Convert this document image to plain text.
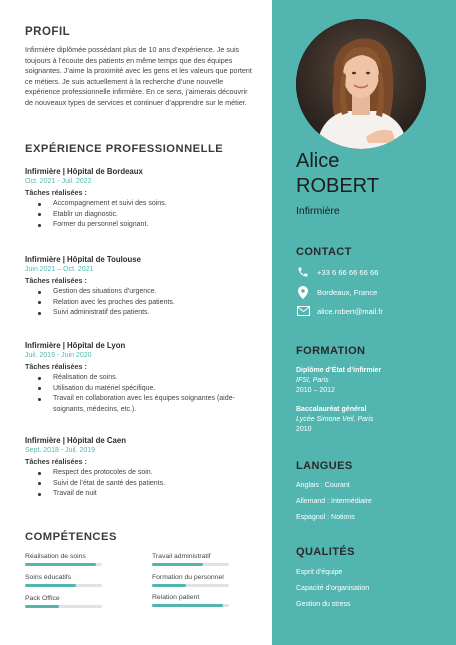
PROFIL
Infirmière diplômée possédant plus de 10 ans d’expérience. Je suis toujours à l’écoute des patients en même temps que des équipes soignantes. J’aime la proximité avec les gens et les valeurs que portent ce métiers. Je suis actuellement à la recherche d’une nouvelle expérience professionnelle infirmière. En ce sens, j’aimerais découvrir de nouveaux types de services et continuer d’apprendre sur le métier.
EXPÉRIENCE PROFESSIONNELLE
Infirmière | Hôpital de Bordeaux
Oct. 2021 - Juil. 2022
Tâches réalisées :
Accompagnement et suivi des soins.
Etablir un diagnostic.
Former du personnel soignant.
Infirmière | Hôpital de Toulouse
Juin 2021 – Oct. 2021
Tâches réalisées :
Gestion des situations d’urgence.
Relation avec les proches des patients.
Suivi administratif des patients.
Infirmière | Hôpital de Lyon
Juil. 2019 - Juin 2020
Tâches réalisées :
Réalisation de soins.
Utilisation du matériel spécifique.
Travail en collaboration avec les équipes soignantes (aide-soignants, médecins, etc.).
Infirmière | Hôpital de Caen
Sept. 2018 - Juil. 2019
Tâches réalisées :
Respect des protocoles de soin.
Suivi de l’état de santé des patients.
Travail de nuit
COMPÉTENCES
Réalisation de soins	Travail administratif
Soins éducatifs	Formation du personnel
Pack Office	Relation patient
Alice
ROBERT
Infirmière
CONTACT
+33 6 66 66 66 66
Bordeaux, France
alice.robert@mail.fr
FORMATION
Diplôme d’État d’infirmier
IFSI, Paris
2010 – 2012
Baccalauréat général
Lycée Simone Veil, Paris
2010
LANGUES
Anglais : Courant
Allemand : Intermédiaire
Espagnol : Notions
QUALITÉS
Esprit d’équipe
Capacité d’organisation
Gestion du stress
